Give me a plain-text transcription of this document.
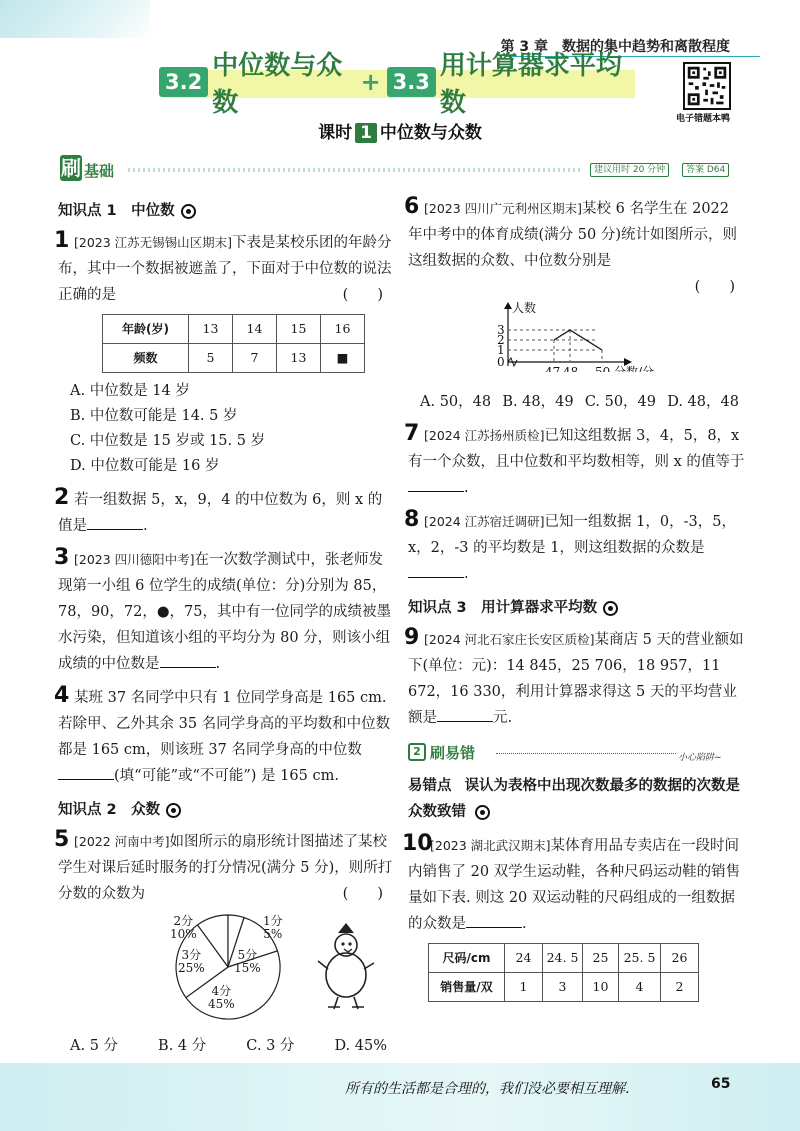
第 3 章　数据的集中趋势和离散程度
电子错题本鸭
3.2
中位数与众数
+ 3.3
用计算器求平均数
课时 1 中位数与众数
刷 基础	建议用时 20 分钟	答案 D64
知识点 1　中位数
1 [2023 江苏无锡锡山区期末]下表是某校乐团的年龄分布，其中一个数据被遮盖了，下面对于中位数的说法正确的是	(　　)
年龄(岁)	13	14	15	16
频数	5	7	13	■
A. 中位数是 14 岁
B. 中位数可能是 14. 5 岁
C. 中位数是 15 岁或 15. 5 岁
D. 中位数可能是 16 岁
2 若一组数据 5，x，9，4 的中位数为 6，则 x 的值是	.
3 [2023 四川德阳中考]在一次数学测试中，张老师发现第一小组 6 位学生的成绩(单位：分)分别为 85，78，90，72，●，75，其中有一位同学的成绩被墨水污染，但知道该小组的平均分为 80 分，则该小组成绩的中位数是	.
4 某班 37 名同学中只有 1 位同学身高是 165 cm. 若除甲、乙外其余 35 名同学身高的平均数和中位数都是 165 cm，则该班 37 名同学身高的中位数(填“可能”或“不可能”) 是 165 cm.
知识点 2　众数
5 [2022 河南中考]如图所示的扇形统计图描述了某校学生对课后延时服务的打分情况(满分 5 分)，则所打分数的众数为	(　　)
2分
10%
1分
5%
5分
15%
4分
45%
3分
25%
A. 5 分	B. 4 分	C. 3 分	D. 45%
6 [2023 四川广元利州区期末]某校 6 名学生在 2022 年中考中的体育成绩(满分 50 分)统计如图所示，则这组数据的众数、中位数分别是
(　　)
人数
0
1
2
3
47 48 50 分数/分
A. 50，48 B. 48，49 C. 50，49 D. 48，48
7 [2024 江苏扬州质检]已知这组数据 3，4，5，8，x 有一个众数，且中位数和平均数相等，则 x 的值等于.
8 [2024 江苏宿迁调研]已知一组数据 1，0，-3，5，x，2，-3 的平均数是 1，则这组数据的众数是.
知识点 3　用计算器求平均数
9 [2024 河北石家庄长安区质检]某商店 5 天的营业额如下(单位：元)：14 845，25 706，18 957，11 672，16 330，利用计算器求得这 5 天的平均营业额是	元.
2 刷易错	小心陷阱~
易错点 误认为表格中出现次数最多的数据的次数是众数致错
10
[2023 湖北武汉期末]某体育用品专卖店在一段时间内销售了 20 双学生运动鞋，各种尺码运动鞋的销售量如下表. 则这 20 双运动鞋的尺码组成的一组数据的众数是	.
尺码/cm	24	24. 5	25	25. 5	26
销售量/双	1	3	10	4	2
所有的生活都是合理的，我们没必要相互理解.	65
